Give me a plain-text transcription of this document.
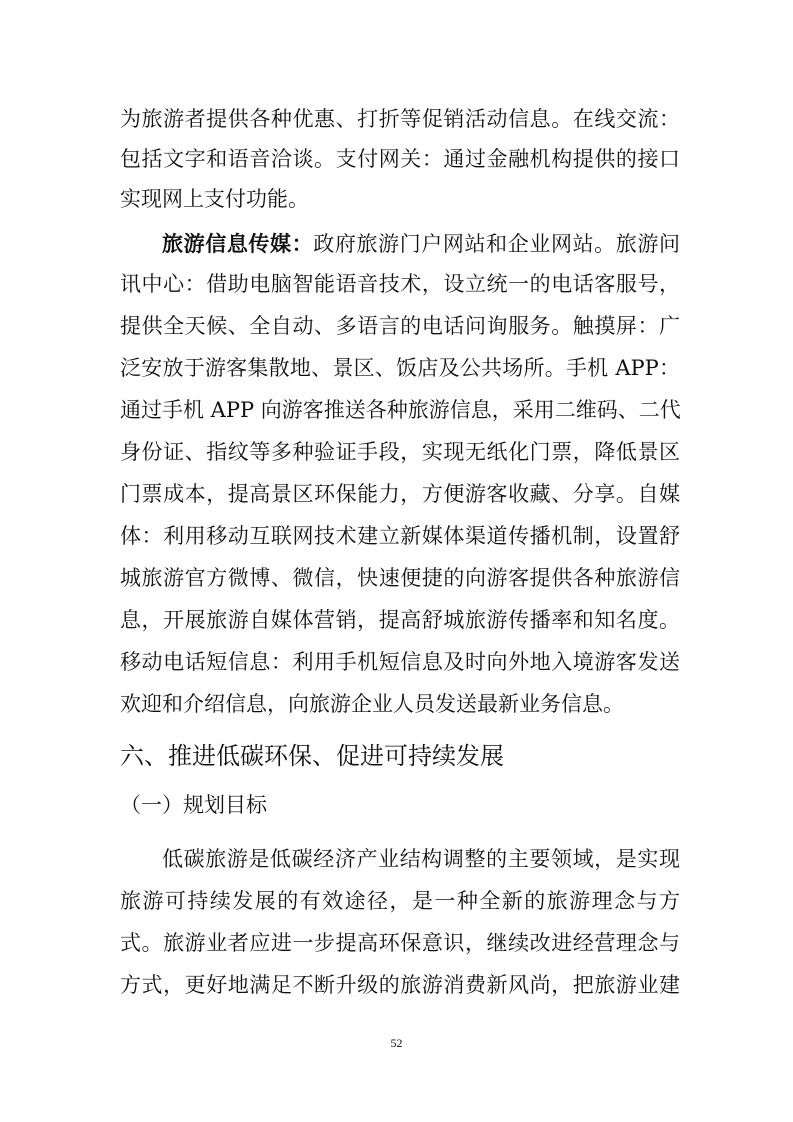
为旅游者提供各种优惠、打折等促销活动信息。在线交流：
包括文字和语音洽谈。支付网关：通过金融机构提供的接口
实现网上支付功能。
旅游信息传媒：政府旅游门户网站和企业网站。旅游问
讯中心：借助电脑智能语音技术，设立统一的电话客服号，
提供全天候、全自动、多语言的电话问询服务。触摸屏：广
泛安放于游客集散地、景区、饭店及公共场所。手机 APP：
通过手机 APP 向游客推送各种旅游信息，采用二维码、二代
身份证、指纹等多种验证手段，实现无纸化门票，降低景区
门票成本，提高景区环保能力，方便游客收藏、分享。自媒
体：利用移动互联网技术建立新媒体渠道传播机制，设置舒
城旅游官方微博、微信，快速便捷的向游客提供各种旅游信
息，开展旅游自媒体营销，提高舒城旅游传播率和知名度。
移动电话短信息：利用手机短信息及时向外地入境游客发送
欢迎和介绍信息，向旅游企业人员发送最新业务信息。
六、推进低碳环保、促进可持续发展
（一）规划目标
低碳旅游是低碳经济产业结构调整的主要领域，是实现
旅游可持续发展的有效途径，是一种全新的旅游理念与方
式。旅游业者应进一步提高环保意识，继续改进经营理念与
方式，更好地满足不断升级的旅游消费新风尚，把旅游业建
52
